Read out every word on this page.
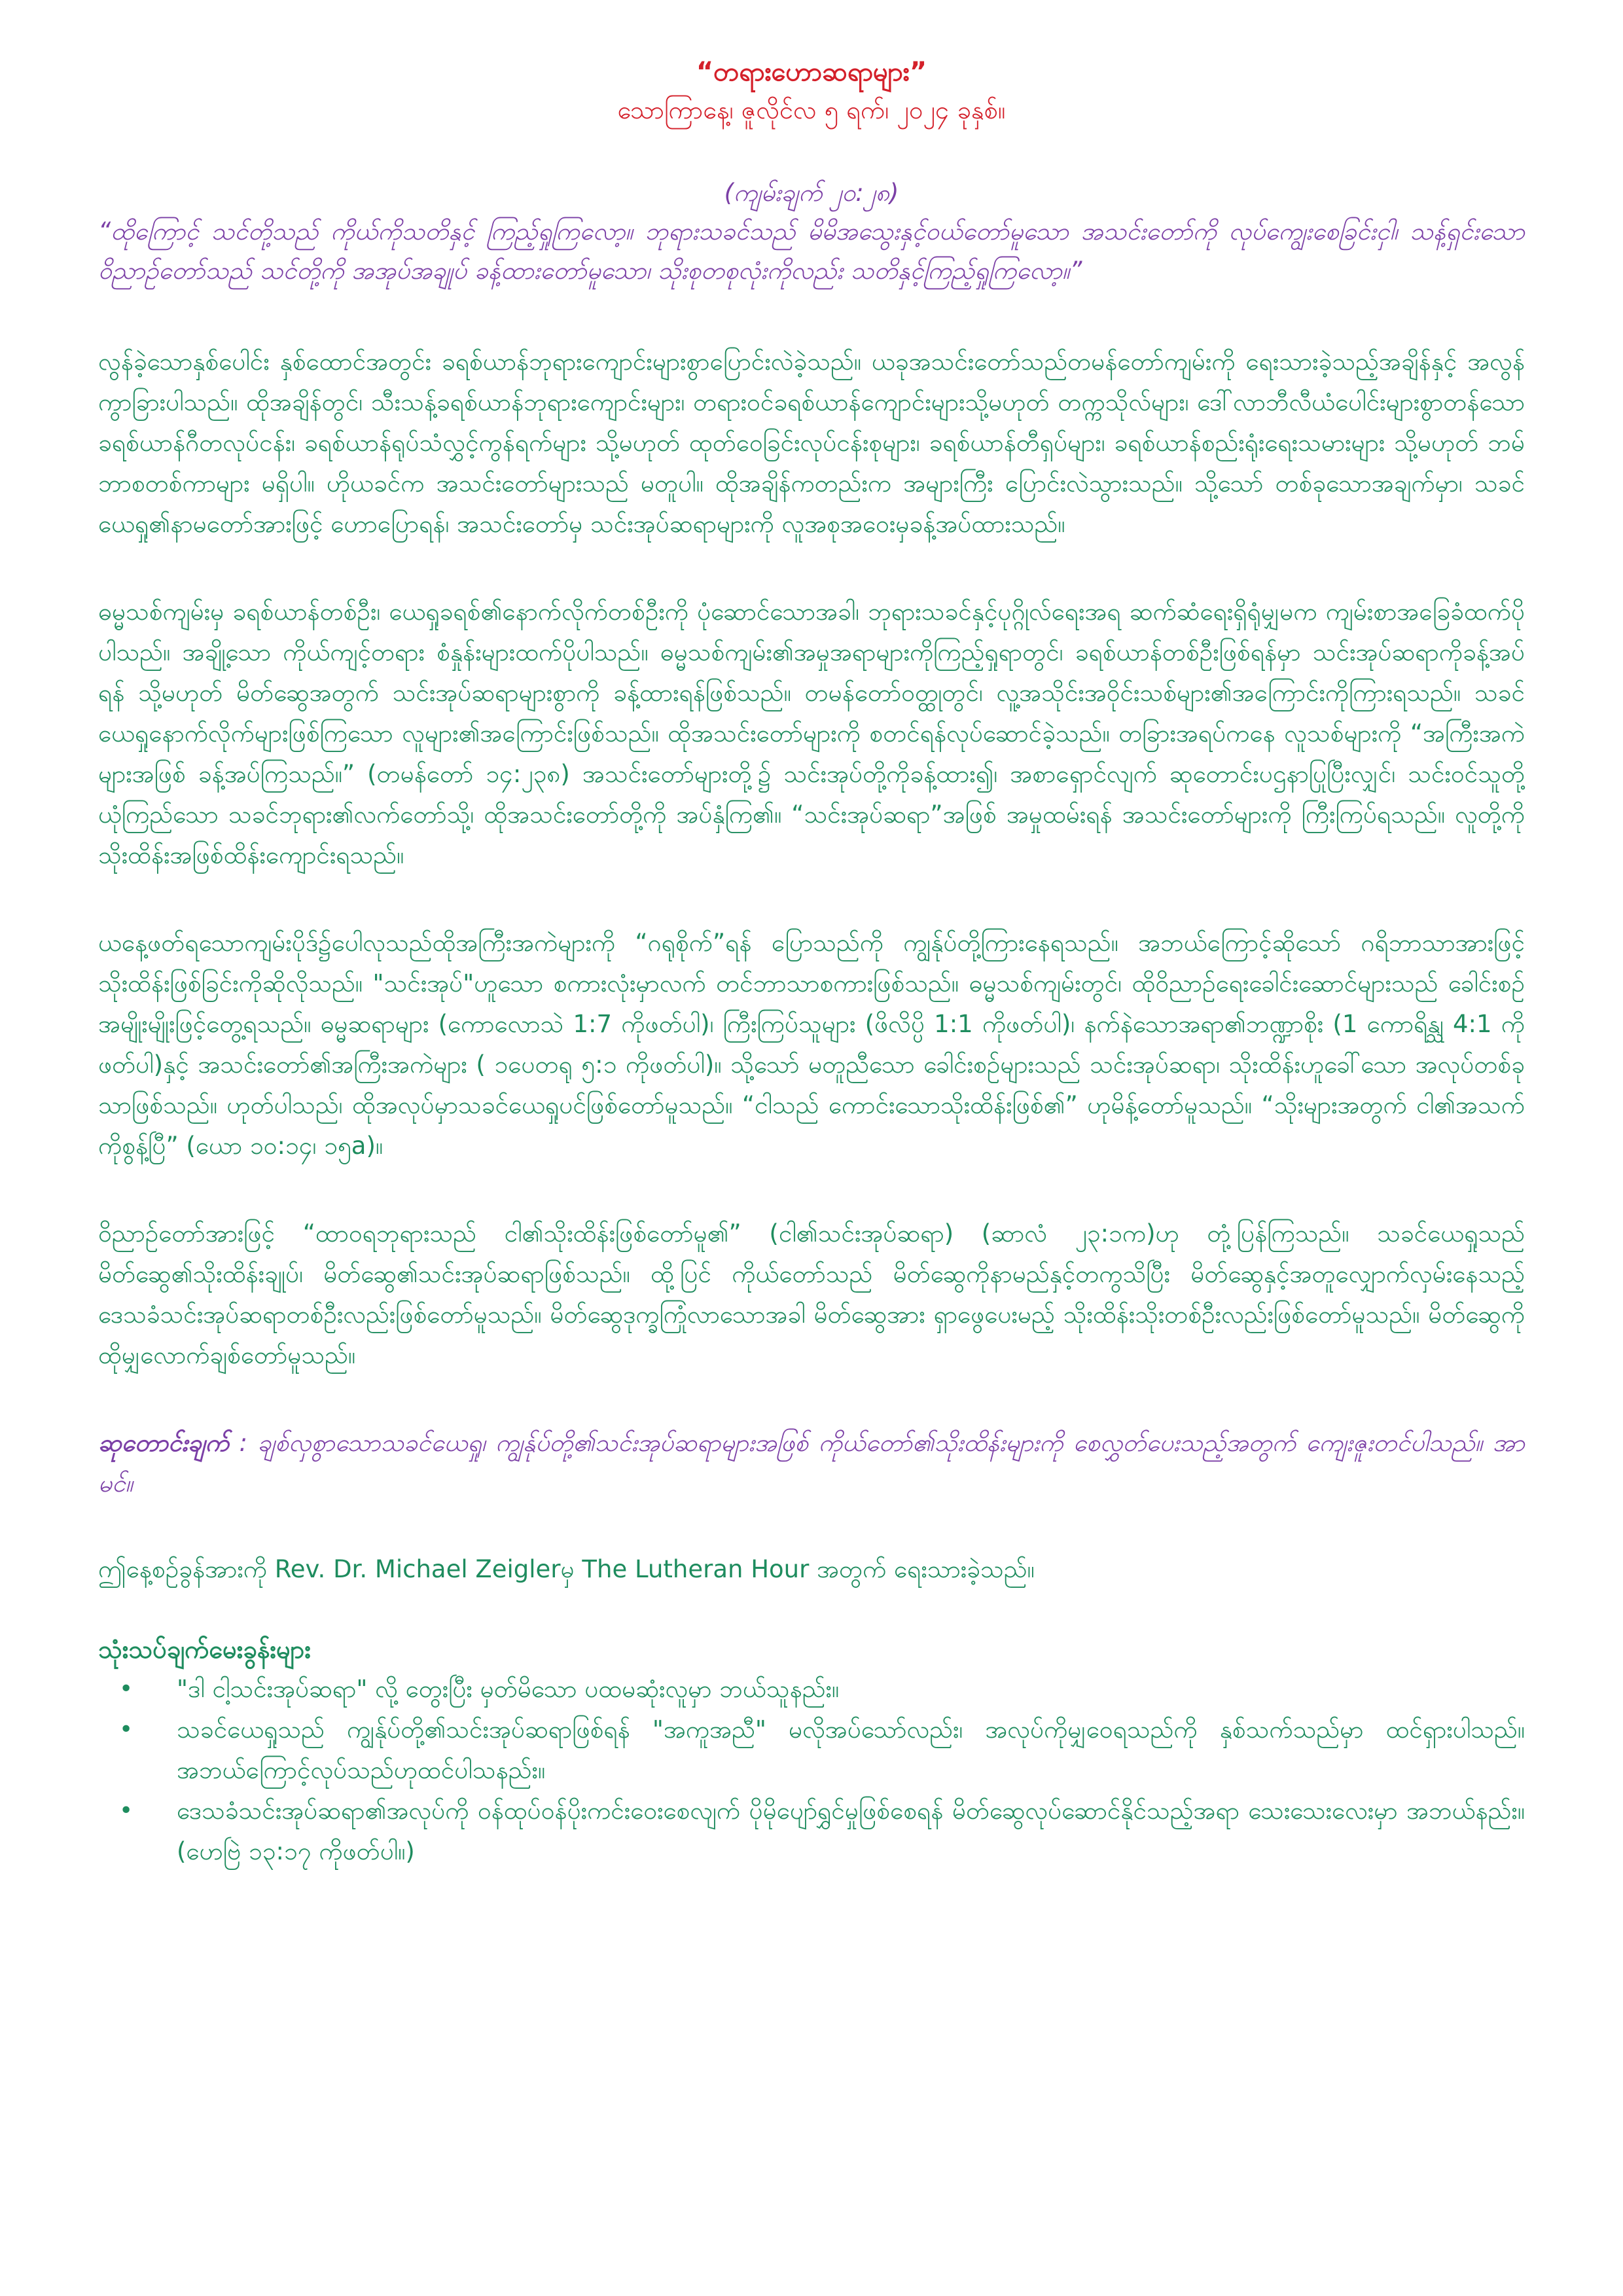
“တရားဟောဆရာများ”

သောကြာနေ့၊ ဇူလိုင်လ ၅ ရက်၊ ၂၀၂၄ ခုနှစ်။

(ကျမ်းချက် ၂၀:၂၈)

“ထိုကြောင့် သင်တို့သည် ကိုယ်ကိုသတိနှင့် ကြည့်ရှုကြလော့။ ဘုရားသခင်သည် မိမိအသွေးနှင့်ဝယ်တော်မူသော အသင်းတော်ကို လုပ်ကျွေးစေခြင်းငှါ၊ သန့်ရှင်းသော ဝိညာဉ်တော်သည် သင်တို့ကို အအုပ်အချုပ် ခန့်ထားတော်မူသော၊ သိုးစုတစုလုံးကိုလည်း သတိနှင့်ကြည့်ရှုကြလော့။”

လွန်ခဲ့သောနှစ်ပေါင်း နှစ်ထောင်အတွင်း ခရစ်ယာန်ဘုရားကျောင်းများစွာပြောင်းလဲခဲ့သည်။ ယခုအသင်းတော်သည်တမန်တော်ကျမ်းကို ရေးသားခဲ့သည့်အချိန်နှင့် အလွန်ကွာခြားပါသည်။ ထိုအချိန်တွင်၊ သီးသန့်ခရစ်ယာန်ဘုရားကျောင်းများ၊ တရားဝင်ခရစ်ယာန်ကျောင်းများသို့မဟုတ် တက္ကသိုလ်များ၊ ဒေါ်လာဘီလီယံပေါင်းများစွာတန်သော ခရစ်ယာန်ဂီတလုပ်ငန်း၊ ခရစ်ယာန်ရုပ်သံလွှင့်ကွန်ရက်များ သို့မဟုတ် ထုတ်ဝေခြင်းလုပ်ငန်းစုများ၊ ခရစ်ယာန်တီရှပ်များ၊ ခရစ်ယာန်စည်းရုံးရေးသမားများ သို့မဟုတ် ဘမ်ဘာစတစ်ကာများ မရှိပါ။ ဟိုယခင်က အသင်းတော်များသည် မတူပါ။ ထိုအချိန်ကတည်းက အများကြီး ပြောင်းလဲသွားသည်။ သို့သော် တစ်ခုသောအချက်မှာ၊ သခင်ယေရှု၏နာမတော်အားဖြင့် ဟောပြောရန်၊ အသင်းတော်မှ သင်းအုပ်ဆရာများကို လူအစုအဝေးမှခန့်အပ်ထားသည်။

ဓမ္မသစ်ကျမ်းမှ ခရစ်ယာန်တစ်ဦး၊ ယေရှုခရစ်၏နောက်လိုက်တစ်ဦးကို ပုံဆောင်သောအခါ၊ ဘုရားသခင်နှင့်ပုဂ္ဂိုလ်ရေးအရ ဆက်ဆံရေးရှိရုံမျှမက ကျမ်းစာအခြေခံထက်ပိုပါသည်။ အချို့သော ကိုယ်ကျင့်တရား စံနှုန်းများထက်ပိုပါသည်။ ဓမ္မသစ်ကျမ်း၏အမှုအရာများကိုကြည့်ရှုရာတွင်၊ ခရစ်ယာန်တစ်ဦးဖြစ်ရန်မှာ သင်းအုပ်ဆရာကိုခန့်အပ်ရန် သို့မဟုတ် မိတ်ဆွေအတွက် သင်းအုပ်ဆရာများစွာကို ခန့်ထားရန်ဖြစ်သည်။ တမန်တော်ဝတ္ထုတွင်၊ လူ့အသိုင်းအဝိုင်းသစ်များ၏အကြောင်းကိုကြားရသည်။ သခင်ယေရှုနောက်လိုက်များဖြစ်ကြသော လူများ၏အကြောင်းဖြစ်သည်။ ထိုအသင်းတော်များကို စတင်ရန်လုပ်ဆောင်ခဲ့သည်။ တခြားအရပ်ကနေ လူသစ်များကို “အကြီးအကဲများအဖြစ် ခန့်အပ်ကြသည်။” (တမန်တော် ၁၄:၂၃၈) အသင်းတော်များတို့၌ သင်းအုပ်တို့ကိုခန့်ထား၍၊ အစာရှောင်လျက် ဆုတောင်းပဌနာပြုပြီးလျှင်၊ သင်းဝင်သူတို့ယုံကြည်သော သခင်ဘုရား၏လက်တော်သို့၊ ထိုအသင်းတော်တို့ကို အပ်နှံကြ၏။ “သင်းအုပ်ဆရာ”အဖြစ် အမှုထမ်းရန် အသင်းတော်များကို ကြီးကြပ်ရသည်။ လူတို့ကို သိုးထိန်းအဖြစ်ထိန်းကျောင်းရသည်။

ယနေ့ဖတ်ရသောကျမ်းပိုဒ်၌ပေါလုသည်ထိုအကြီးအကဲများကို “ဂရုစိုက်”ရန် ပြောသည်ကို ကျွန်ုပ်တို့ကြားနေရသည်။ အဘယ်ကြောင့်ဆိုသော် ဂရိဘာသာအားဖြင့် သိုးထိန်းဖြစ်ခြင်းကိုဆိုလိုသည်။ "သင်းအုပ်"ဟူသော စကားလုံးမှာလက် တင်ဘာသာစကားဖြစ်သည်။ ဓမ္မသစ်ကျမ်းတွင်၊ ထိုဝိညာဉ်ရေးခေါင်းဆောင်များသည် ခေါင်းစဉ်အမျိုးမျိုးဖြင့်တွေ့ရသည်။ ဓမ္မဆရာများ (ကောလောသဲ 1:7 ကိုဖတ်ပါ)၊ ကြီးကြပ်သူများ (ဖိလိပ္ပိ 1:1 ကိုဖတ်ပါ)၊ နက်နဲသောအရာ၏ဘဏ္ဍာစိုး (1 ကောရိန္သု 4:1 ကိုဖတ်ပါ)နှင့် အသင်းတော်၏အကြီးအကဲများ ( ၁ပေတရု ၅:၁ ကိုဖတ်ပါ)။ သို့သော် မတူညီသော ခေါင်းစဉ်များသည် သင်းအုပ်ဆရာ၊ သိုးထိန်းဟူခေါ်သော အလုပ်တစ်ခုသာဖြစ်သည်။ ဟုတ်ပါသည်၊ ထိုအလုပ်မှာသခင်ယေရှုပင်ဖြစ်တော်မူသည်။ “ငါသည် ကောင်းသောသိုးထိန်းဖြစ်၏” ဟုမိန့်တော်မူသည်။ “သိုးများအတွက် ငါ၏အသက်ကိုစွန့်ပြီ” (ယော ၁၀:၁၄၊ ၁၅a)။

ဝိညာဉ်တော်အားဖြင့် “ထာဝရဘုရားသည် ငါ၏သိုးထိန်းဖြစ်တော်မူ၏” (ငါ၏သင်းအုပ်ဆရာ) (ဆာလံ ၂၃:၁က)ဟု တုံ့ပြန်ကြသည်။ သခင်ယေရှုသည် မိတ်ဆွေ၏သိုးထိန်းချုပ်၊ မိတ်ဆွေ၏သင်းအုပ်ဆရာဖြစ်သည်။ ထို့ပြင် ကိုယ်တော်သည် မိတ်ဆွေကိုနာမည်နှင့်တကွသိပြီး မိတ်ဆွေနှင့်အတူလျှောက်လှမ်းနေသည့် ဒေသခံသင်းအုပ်ဆရာတစ်ဦးလည်းဖြစ်တော်မူသည်။ မိတ်ဆွေဒုက္ခကြုံလာသောအခါ မိတ်ဆွေအား ရှာဖွေပေးမည့် သိုးထိန်းသိုးတစ်ဦးလည်းဖြစ်တော်မူသည်။ မိတ်ဆွေကို ထိုမျှလောက်ချစ်တော်မူသည်။

ဆုတောင်းချက် : ချစ်လှစွာသောသခင်ယေရှု၊ ကျွန်ုပ်တို့၏သင်းအုပ်ဆရာများအဖြစ် ကိုယ်တော်၏သိုးထိန်းများကို စေလွှတ်ပေးသည့်အတွက် ကျေးဇူးတင်ပါသည်။ အာမင်။

ဤနေ့စဉ်ခွန်အားကို Rev. Dr. Michael Zeiglerမှ The Lutheran Hour အတွက် ရေးသားခဲ့သည်။

သုံးသပ်ချက်မေးခွန်းများ
• "ဒါ ငါ့သင်းအုပ်ဆရာ" လို့ တွေးပြီး မှတ်မိသော ပထမဆုံးလူမှာ ဘယ်သူနည်း။
• သခင်ယေရှုသည် ကျွန်ုပ်တို့၏သင်းအုပ်ဆရာဖြစ်ရန် "အကူအညီ" မလိုအပ်သော်လည်း၊ အလုပ်ကိုမျှဝေရသည်ကို နှစ်သက်သည်မှာ ထင်ရှားပါသည်။ အဘယ်ကြောင့်လုပ်သည်ဟုထင်ပါသနည်း။
• ဒေသခံသင်းအုပ်ဆရာ၏အလုပ်ကို ဝန်ထုပ်ဝန်ပိုးကင်းဝေးစေလျက် ပိုမိုပျော်ရွှင်မှုဖြစ်စေရန် မိတ်ဆွေလုပ်ဆောင်နိုင်သည့်အရာ သေးသေးလေးမှာ အဘယ်နည်း။ (ဟေဗြဲ ၁၃:၁၇ ကိုဖတ်ပါ။)
